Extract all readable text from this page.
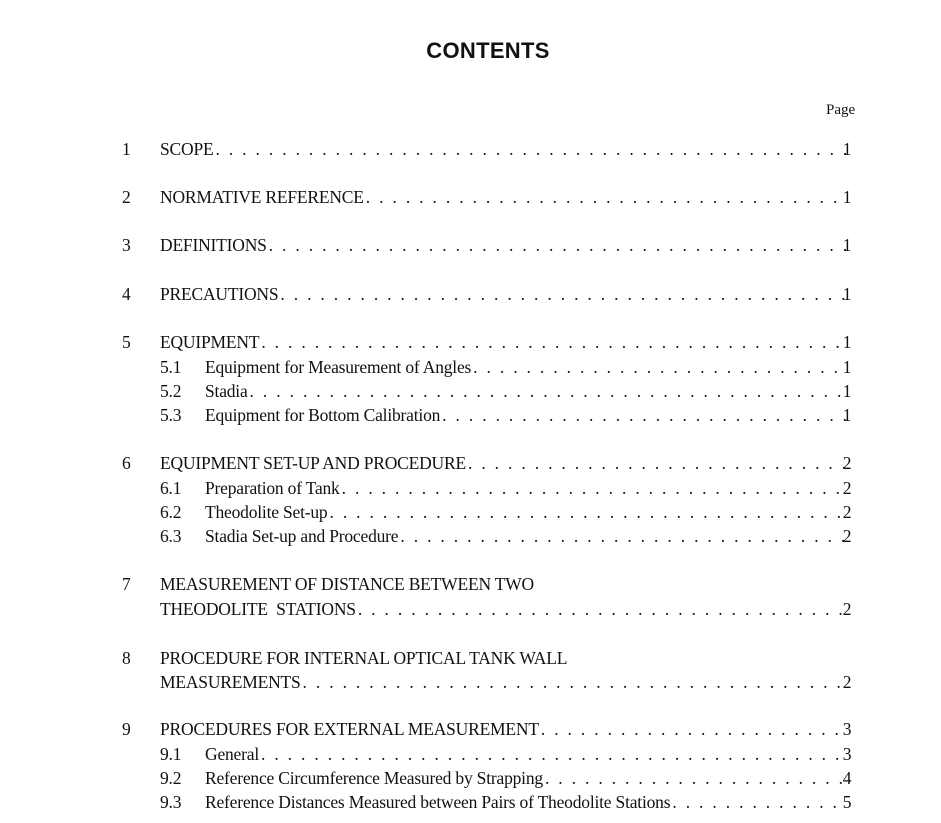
CONTENTS
Page
1 SCOPE . . .	1
2 NORMATIVE REFERENCE . . .	1
3 DEFINITIONS . . .	1
4 PRECAUTIONS . . .	1
5 EQUIPMENT . . .	1
5.1	Equipment for Measurement of Angles . . .	1
5.2	Stadia . . .	1
5.3	Equipment for Bottom Calibration . . .	1
6 EQUIPMENT SET-UP AND PROCEDURE . . .	2
6.1	Preparation of Tank . . .	2
6.2	Theodolite Set-up . . .	2
6.3	Stadia Set-up and Procedure . . .	2
7 MEASUREMENT OF DISTANCE BETWEEN TWO
THEODOLITE  STATIONS . . .	2
8 PROCEDURE FOR INTERNAL OPTICAL TANK WALL
MEASUREMENTS . . .	2
9 PROCEDURES FOR EXTERNAL MEASUREMENT . . .	3
9.1	General . . .	3
9.2	Reference Circumference Measured by Strapping . . .	4
9.3	Reference Distances Measured between Pairs of Theodolite Stations . . .	5
